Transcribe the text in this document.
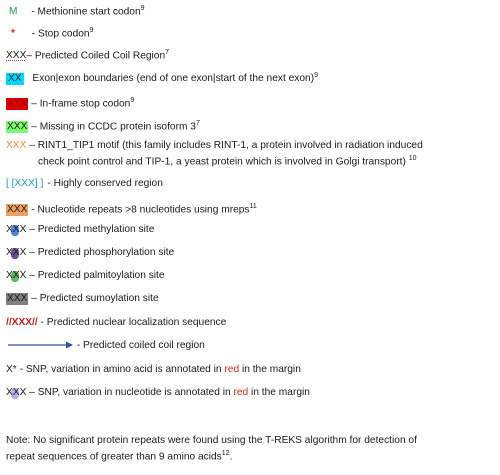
M - Methionine start codon$^9$
* - Stop codon$^9$
XXX– Predicted Coiled Coil Region$^7$
XX Exon|exon boundaries (end of one exon|start of the next exon)$^9$
XXX – In-frame stop codon$^9$
XXX – Missing in CCDC protein isoform $3^7$
XXX – RINT1_TIP1 motif (this family includes RINT-1, a protein involved in radiation induced
check point control and TIP-1, a yeast protein which is involved in Golgi transport) $^{10}$
[ [XXX] ] - Highly conserved region
XXX - Nucleotide repeats >8 nucleotides using mreps$^{11}$
XXX – Predicted methylation site
XXX – Predicted phosphorylation site
XXX – Predicted palmitoylation site
XXX – Predicted sumoylation site
//XXX// - Predicted nuclear localization sequence
- Predicted coiled coil region
X* - SNP, variation in amino acid is annotated in red in the margin
XXX – SNP, variation in nucleotide is annotated in red in the margin
Note: No significant protein repeats were found using the T-REKS algorithm for detection of
repeat sequences of greater than 9 amino acids$^{12}$.
